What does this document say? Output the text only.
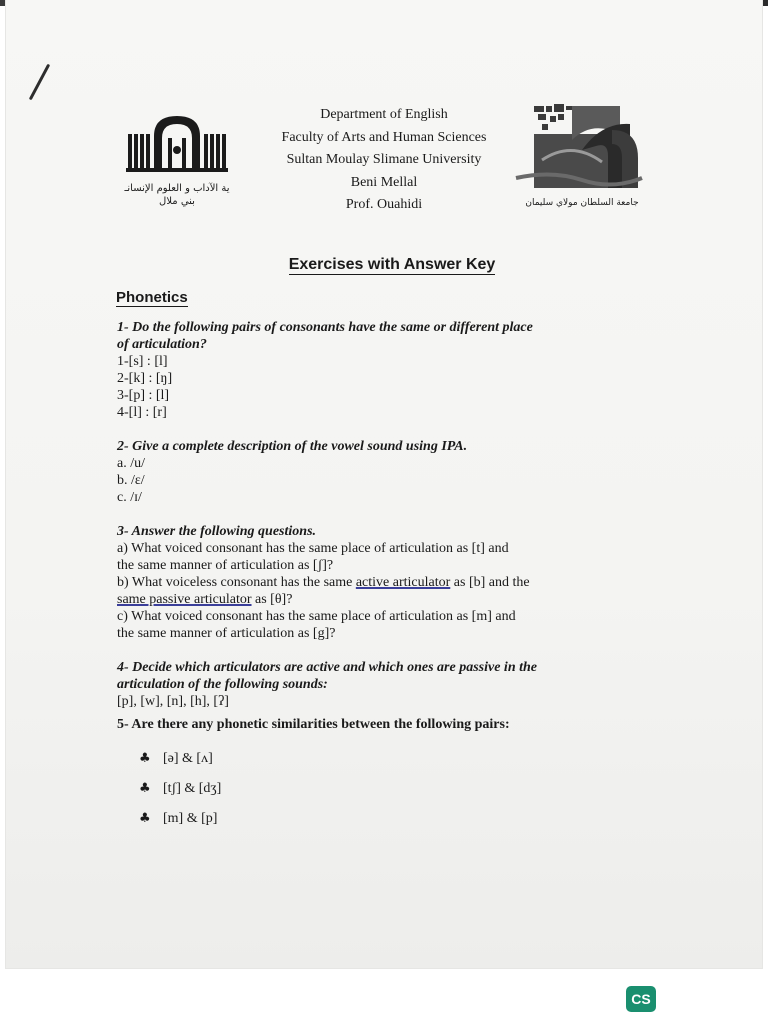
ية الآداب و العلوم الإنسانـ
بني ملال
Department of English
Faculty of Arts and Human Sciences
Sultan Moulay Slimane University
Beni Mellal
Prof. Ouahidi	جامعة السلطان مولاي سليمان
Exercises with Answer Key
Phonetics
1- Do the following pairs of consonants have the same or different place
of articulation?
1-[s] : [l]
2-[k] : [ŋ]
3-[p] : [l]
4-[l] : [r]
2- Give a complete description of the vowel sound using IPA.
a. /u/
b. /ɛ/
c. /ɪ/
3- Answer the following questions.
a) What voiced consonant has the same place of articulation as [t] and
the same manner of articulation as [ʃ]?
b) What voiceless consonant has the same active articulator as [b] and the
same passive articulator as [θ]?
c) What voiced consonant has the same place of articulation as [m] and
the same manner of articulation as [g]?
4- Decide which articulators are active and which ones are passive in the
articulation of the following sounds:
[p], [w], [n], [h], [ʔ]
5- Are there any phonetic similarities between the following pairs:
♣ [ə] & [ʌ]
♣ [tʃ] & [dʒ]
♣ [m] & [p]
CS
